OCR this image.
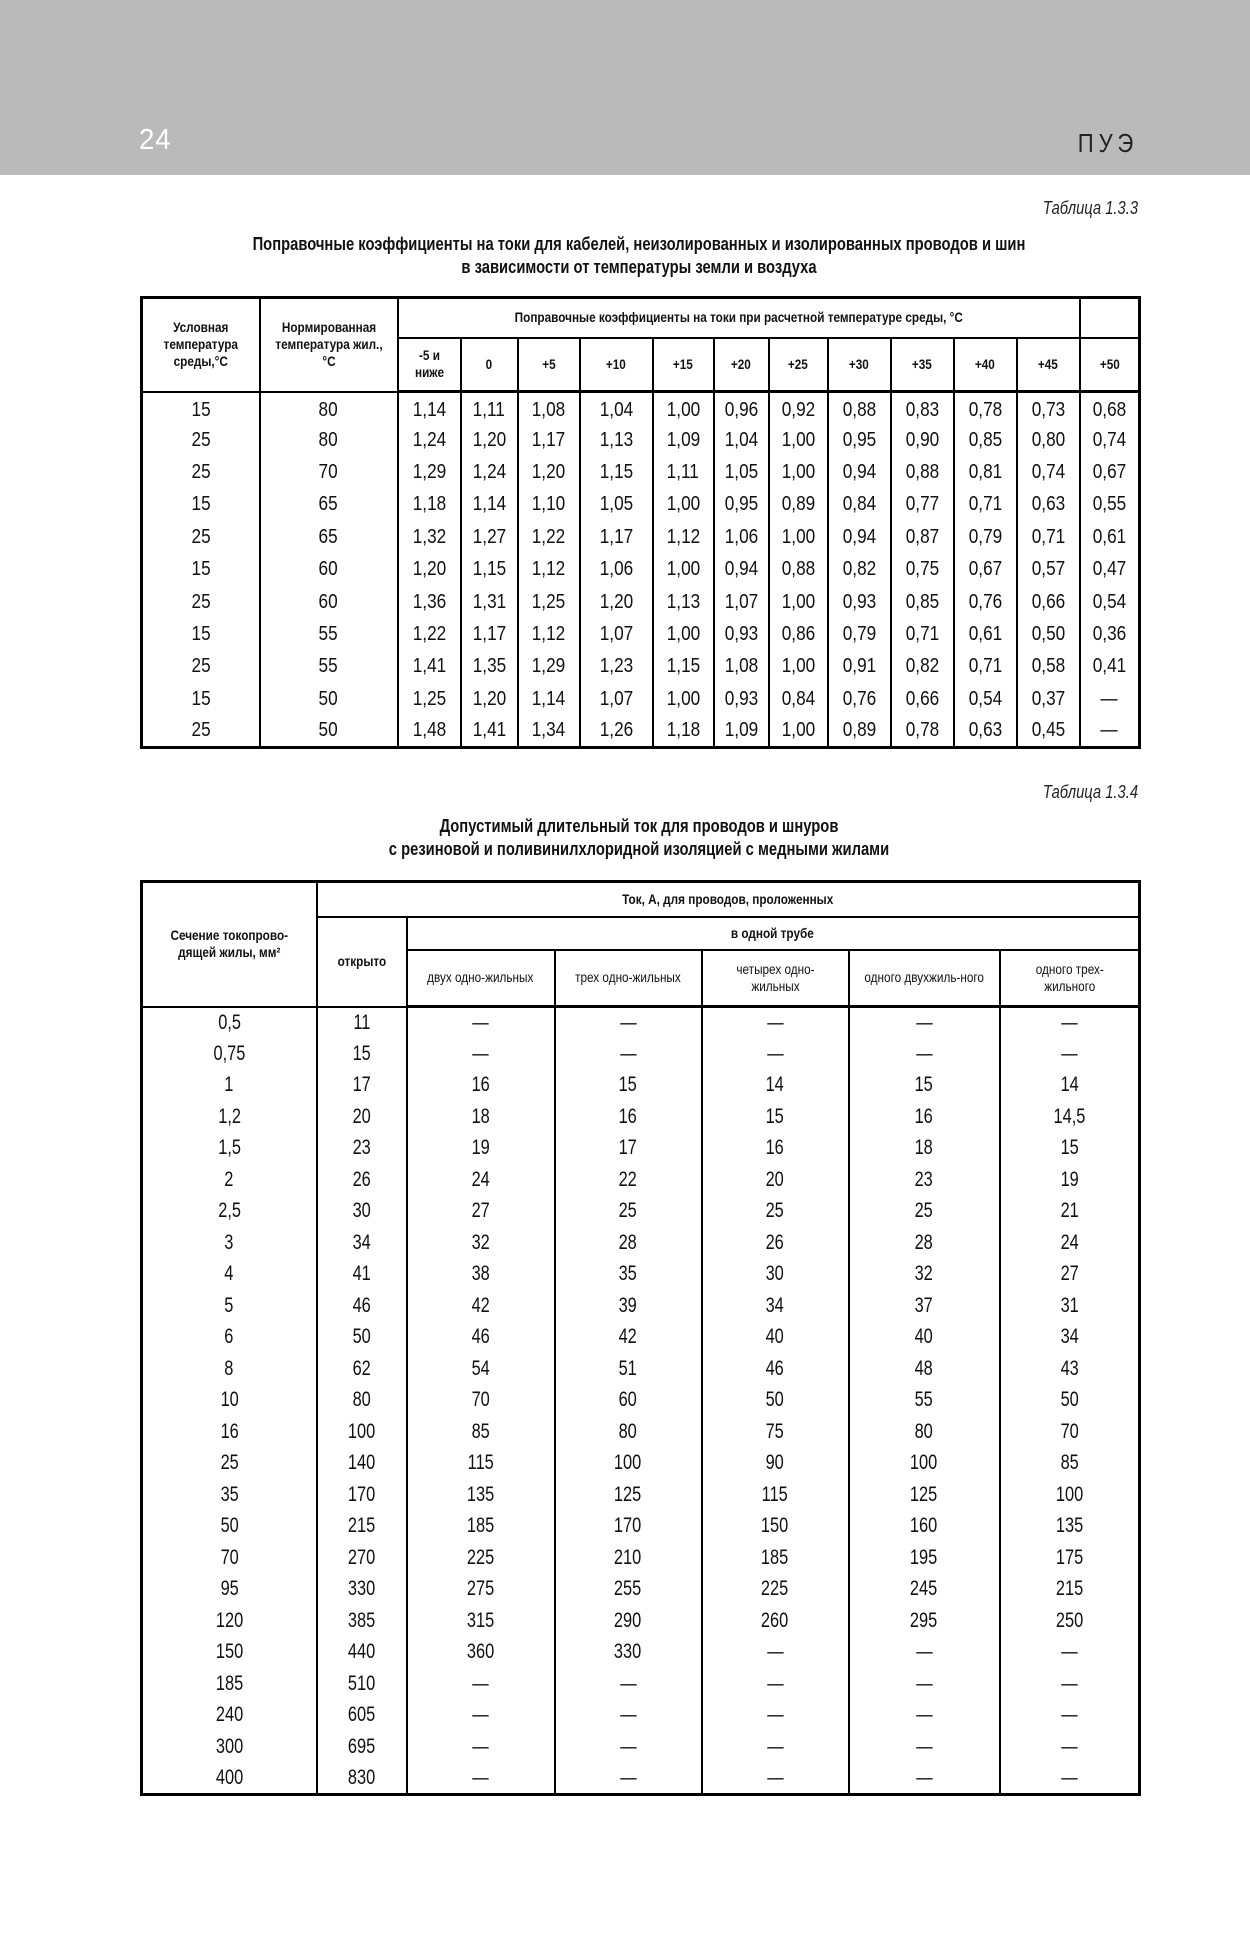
24	ПУЭ
Таблица 1.3.3
Поправочные коэффициенты на токи для кабелей, неизолированных и изолированных проводов и шин
в зависимости от температуры земли и воздуха
Условная температура среды,°С	Нормированная температура жил., °С	Поправочные коэффициенты на токи при расчетной температуре среды, °С											
		-5 и ниже	0	+5	+10	+15	+20	+25	+30	+35	+40	+45	+50
15	80	1,14	1,11	1,08	1,04	1,00	0,96	0,92	0,88	0,83	0,78	0,73	0,68
25	80	1,24	1,20	1,17	1,13	1,09	1,04	1,00	0,95	0,90	0,85	0,80	0,74
25	70	1,29	1,24	1,20	1,15	1,11	1,05	1,00	0,94	0,88	0,81	0,74	0,67
15	65	1,18	1,14	1,10	1,05	1,00	0,95	0,89	0,84	0,77	0,71	0,63	0,55
25	65	1,32	1,27	1,22	1,17	1,12	1,06	1,00	0,94	0,87	0,79	0,71	0,61
15	60	1,20	1,15	1,12	1,06	1,00	0,94	0,88	0,82	0,75	0,67	0,57	0,47
25	60	1,36	1,31	1,25	1,20	1,13	1,07	1,00	0,93	0,85	0,76	0,66	0,54
15	55	1,22	1,17	1,12	1,07	1,00	0,93	0,86	0,79	0,71	0,61	0,50	0,36
25	55	1,41	1,35	1,29	1,23	1,15	1,08	1,00	0,91	0,82	0,71	0,58	0,41
15	50	1,25	1,20	1,14	1,07	1,00	0,93	0,84	0,76	0,66	0,54	0,37	—
25	50	1,48	1,41	1,34	1,26	1,18	1,09	1,00	0,89	0,78	0,63	0,45	—
Таблица 1.3.4
Допустимый длительный ток для проводов и шнуров
с резиновой и поливинилхлоридной изоляцией с медными жилами
Сечение токопрово-дящей жилы, мм²	Ток, А, для проводов, проложенных					
	открыто	в одной трубе				
		двух одно-жильных	трех одно-жильных	четырех одно-жильных	одного двухжиль-ного	одного трех-жильного
0,5	11	—	—	—	—	—
0,75	15	—	—	—	—	—
1	17	16	15	14	15	14
1,2	20	18	16	15	16	14,5
1,5	23	19	17	16	18	15
2	26	24	22	20	23	19
2,5	30	27	25	25	25	21
3	34	32	28	26	28	24
4	41	38	35	30	32	27
5	46	42	39	34	37	31
6	50	46	42	40	40	34
8	62	54	51	46	48	43
10	80	70	60	50	55	50
16	100	85	80	75	80	70
25	140	115	100	90	100	85
35	170	135	125	115	125	100
50	215	185	170	150	160	135
70	270	225	210	185	195	175
95	330	275	255	225	245	215
120	385	315	290	260	295	250
150	440	360	330	—	—	—
185	510	—	—	—	—	—
240	605	—	—	—	—	—
300	695	—	—	—	—	—
400	830	—	—	—	—	—
